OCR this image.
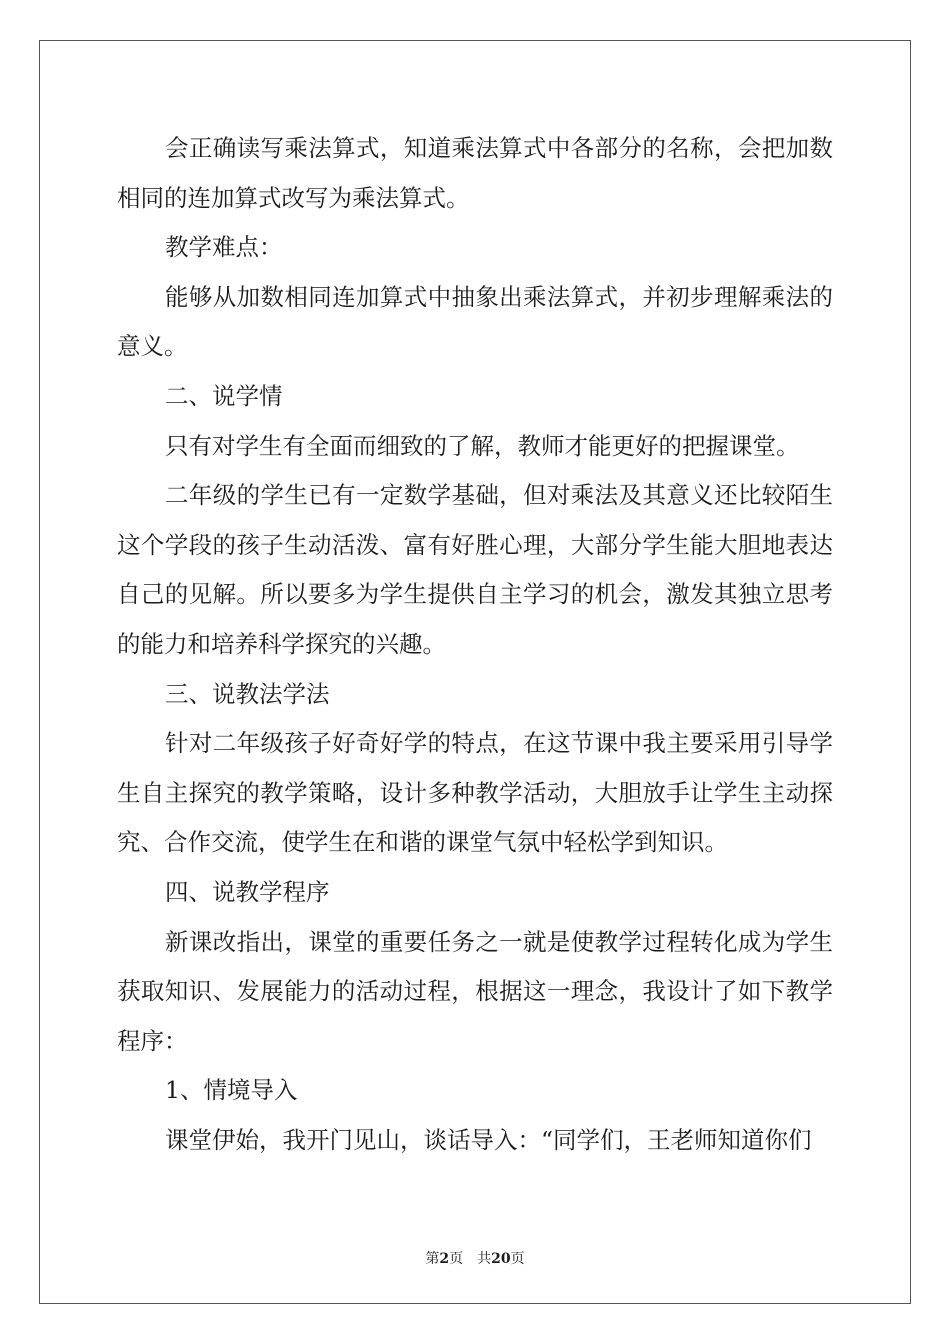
会正确读写乘法算式，知道乘法算式中各部分的名称，会把加数
相同的连加算式改写为乘法算式。
教学难点：
能够从加数相同连加算式中抽象出乘法算式，并初步理解乘法的
意义。
二、说学情
只有对学生有全面而细致的了解，教师才能更好的把握课堂。
二年级的学生已有一定数学基础，但对乘法及其意义还比较陌生
这个学段的孩子生动活泼、富有好胜心理，大部分学生能大胆地表达
自己的见解。所以要多为学生提供自主学习的机会，激发其独立思考
的能力和培养科学探究的兴趣。
三、说教法学法
针对二年级孩子好奇好学的特点，在这节课中我主要采用引导学
生自主探究的教学策略，设计多种教学活动，大胆放手让学生主动探
究、合作交流，使学生在和谐的课堂气氛中轻松学到知识。
四、说教学程序
新课改指出，课堂的重要任务之一就是使教学过程转化成为学生
获取知识、发展能力的活动过程，根据这一理念，我设计了如下教学
程序：
1、情境导入
课堂伊始，我开门见山，谈话导入：“同学们，王老师知道你们
第2页　共20页
